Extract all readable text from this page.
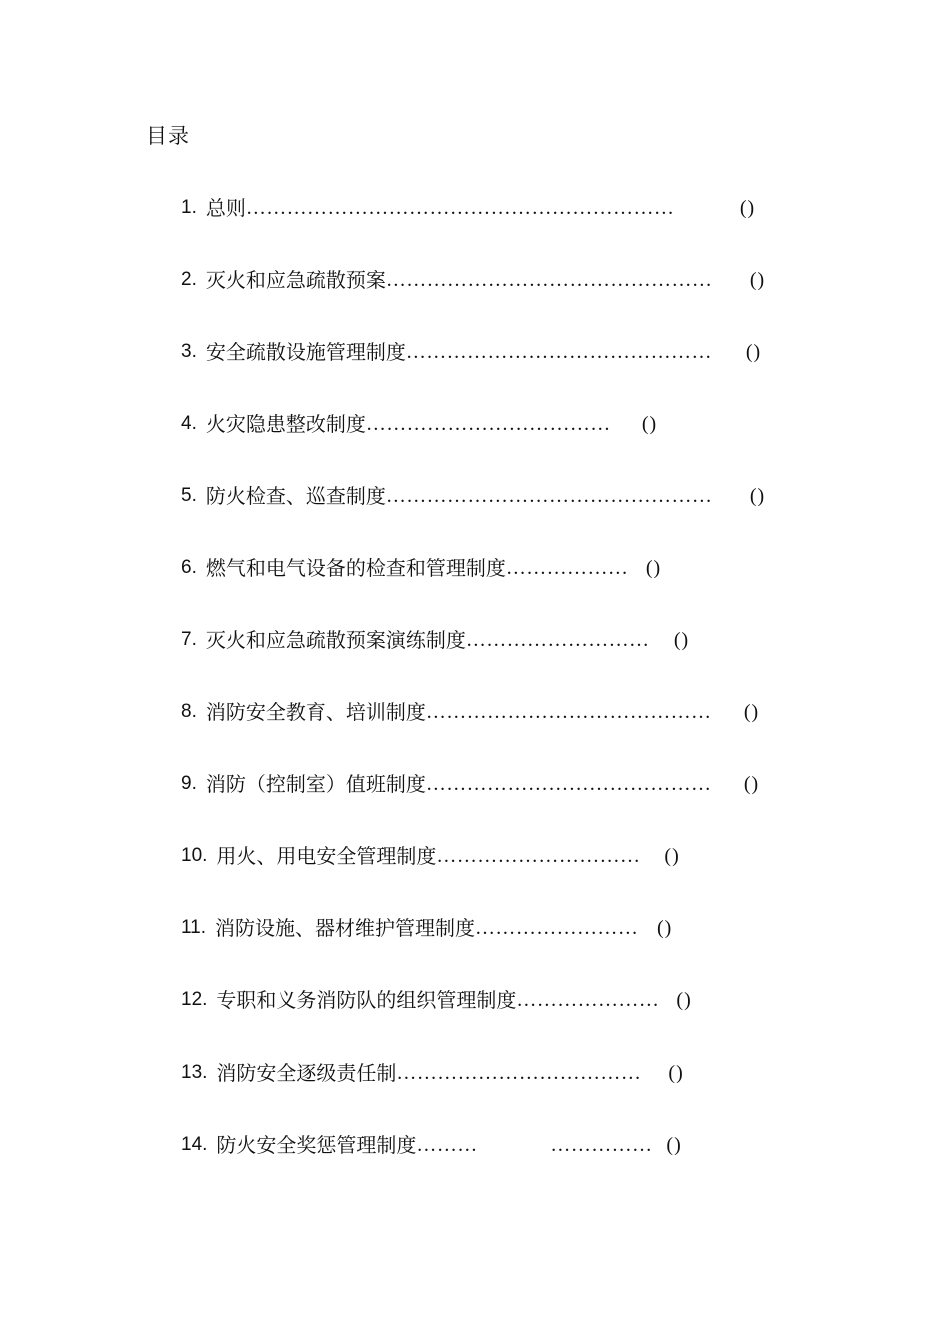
目录
1 . 总则 ………………………………………………………	()
2 . 灭火和应急疏散预案 …………………………………………	()
3 . 安全疏散设施管理制度 ………………………………………	()
4 . 火灾隐患整改制度 ………………………………	()
5 . 防火检查、巡查制度 …………………………………………	()
6 . 燃气和电气设备的检查和管理制度 ……………… ()
7 . 灭火和应急疏散预案演练制度 ………………………	()
8 . 消防安全教育、培训制度 ……………………………………	()
9 . 消防（控制室）值班制度 ……………………………………	()
10 . 用火、用电安全管理制度 …………………………	()
11 . 消防设施、器材维护管理制度 …………………… ()
12 . 专职和义务消防队的组织管理制度 ………………… ()
13 . 消防安全逐级责任制 ………………………………	()
14 . 防火安全奖惩管理制度 ………	…………… ()
